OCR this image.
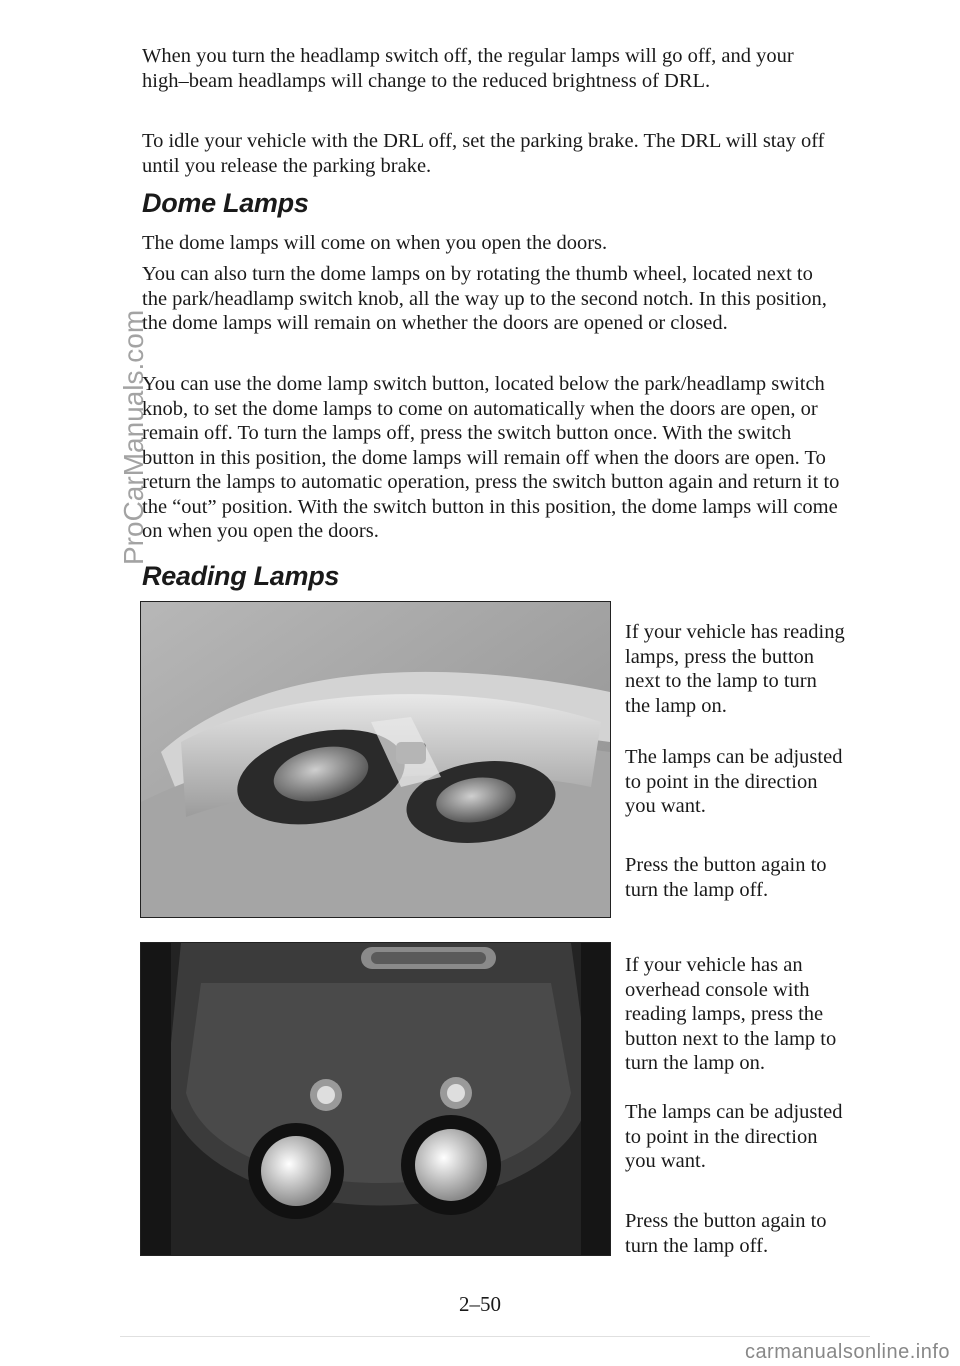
ProCarManuals.com

When you turn the headlamp switch off, the regular lamps will go off, and your high–beam headlamps will change to the reduced brightness of DRL.

To idle your vehicle with the DRL off, set the parking brake. The DRL will stay off until you release the parking brake.

Dome Lamps

The dome lamps will come on when you open the doors.

You can also turn the dome lamps on by rotating the thumb wheel, located next to the park/headlamp switch knob, all the way up to the second notch. In this position, the dome lamps will remain on whether the doors are opened or closed.

You can use the dome lamp switch button, located below the park/headlamp switch knob, to set the dome lamps to come on automatically when the doors are open, or remain off. To turn the lamps off, press the switch button once. With the switch button in this position, the dome lamps will remain off when the doors are open. To return the lamps to automatic operation, press the switch button again and return it to the “out” position. With the switch button in this position, the dome lamps will come on when you open the doors.

Reading Lamps

If your vehicle has reading lamps, press the button next to the lamp to turn the lamp on.

The lamps can be adjusted to point in the direction you want.

Press the button again to turn the lamp off.

If your vehicle has an overhead console with reading lamps, press the button next to the lamp to turn the lamp on.

The lamps can be adjusted to point in the direction you want.

Press the button again to turn the lamp off.

2–50
carmanualsonline.info
